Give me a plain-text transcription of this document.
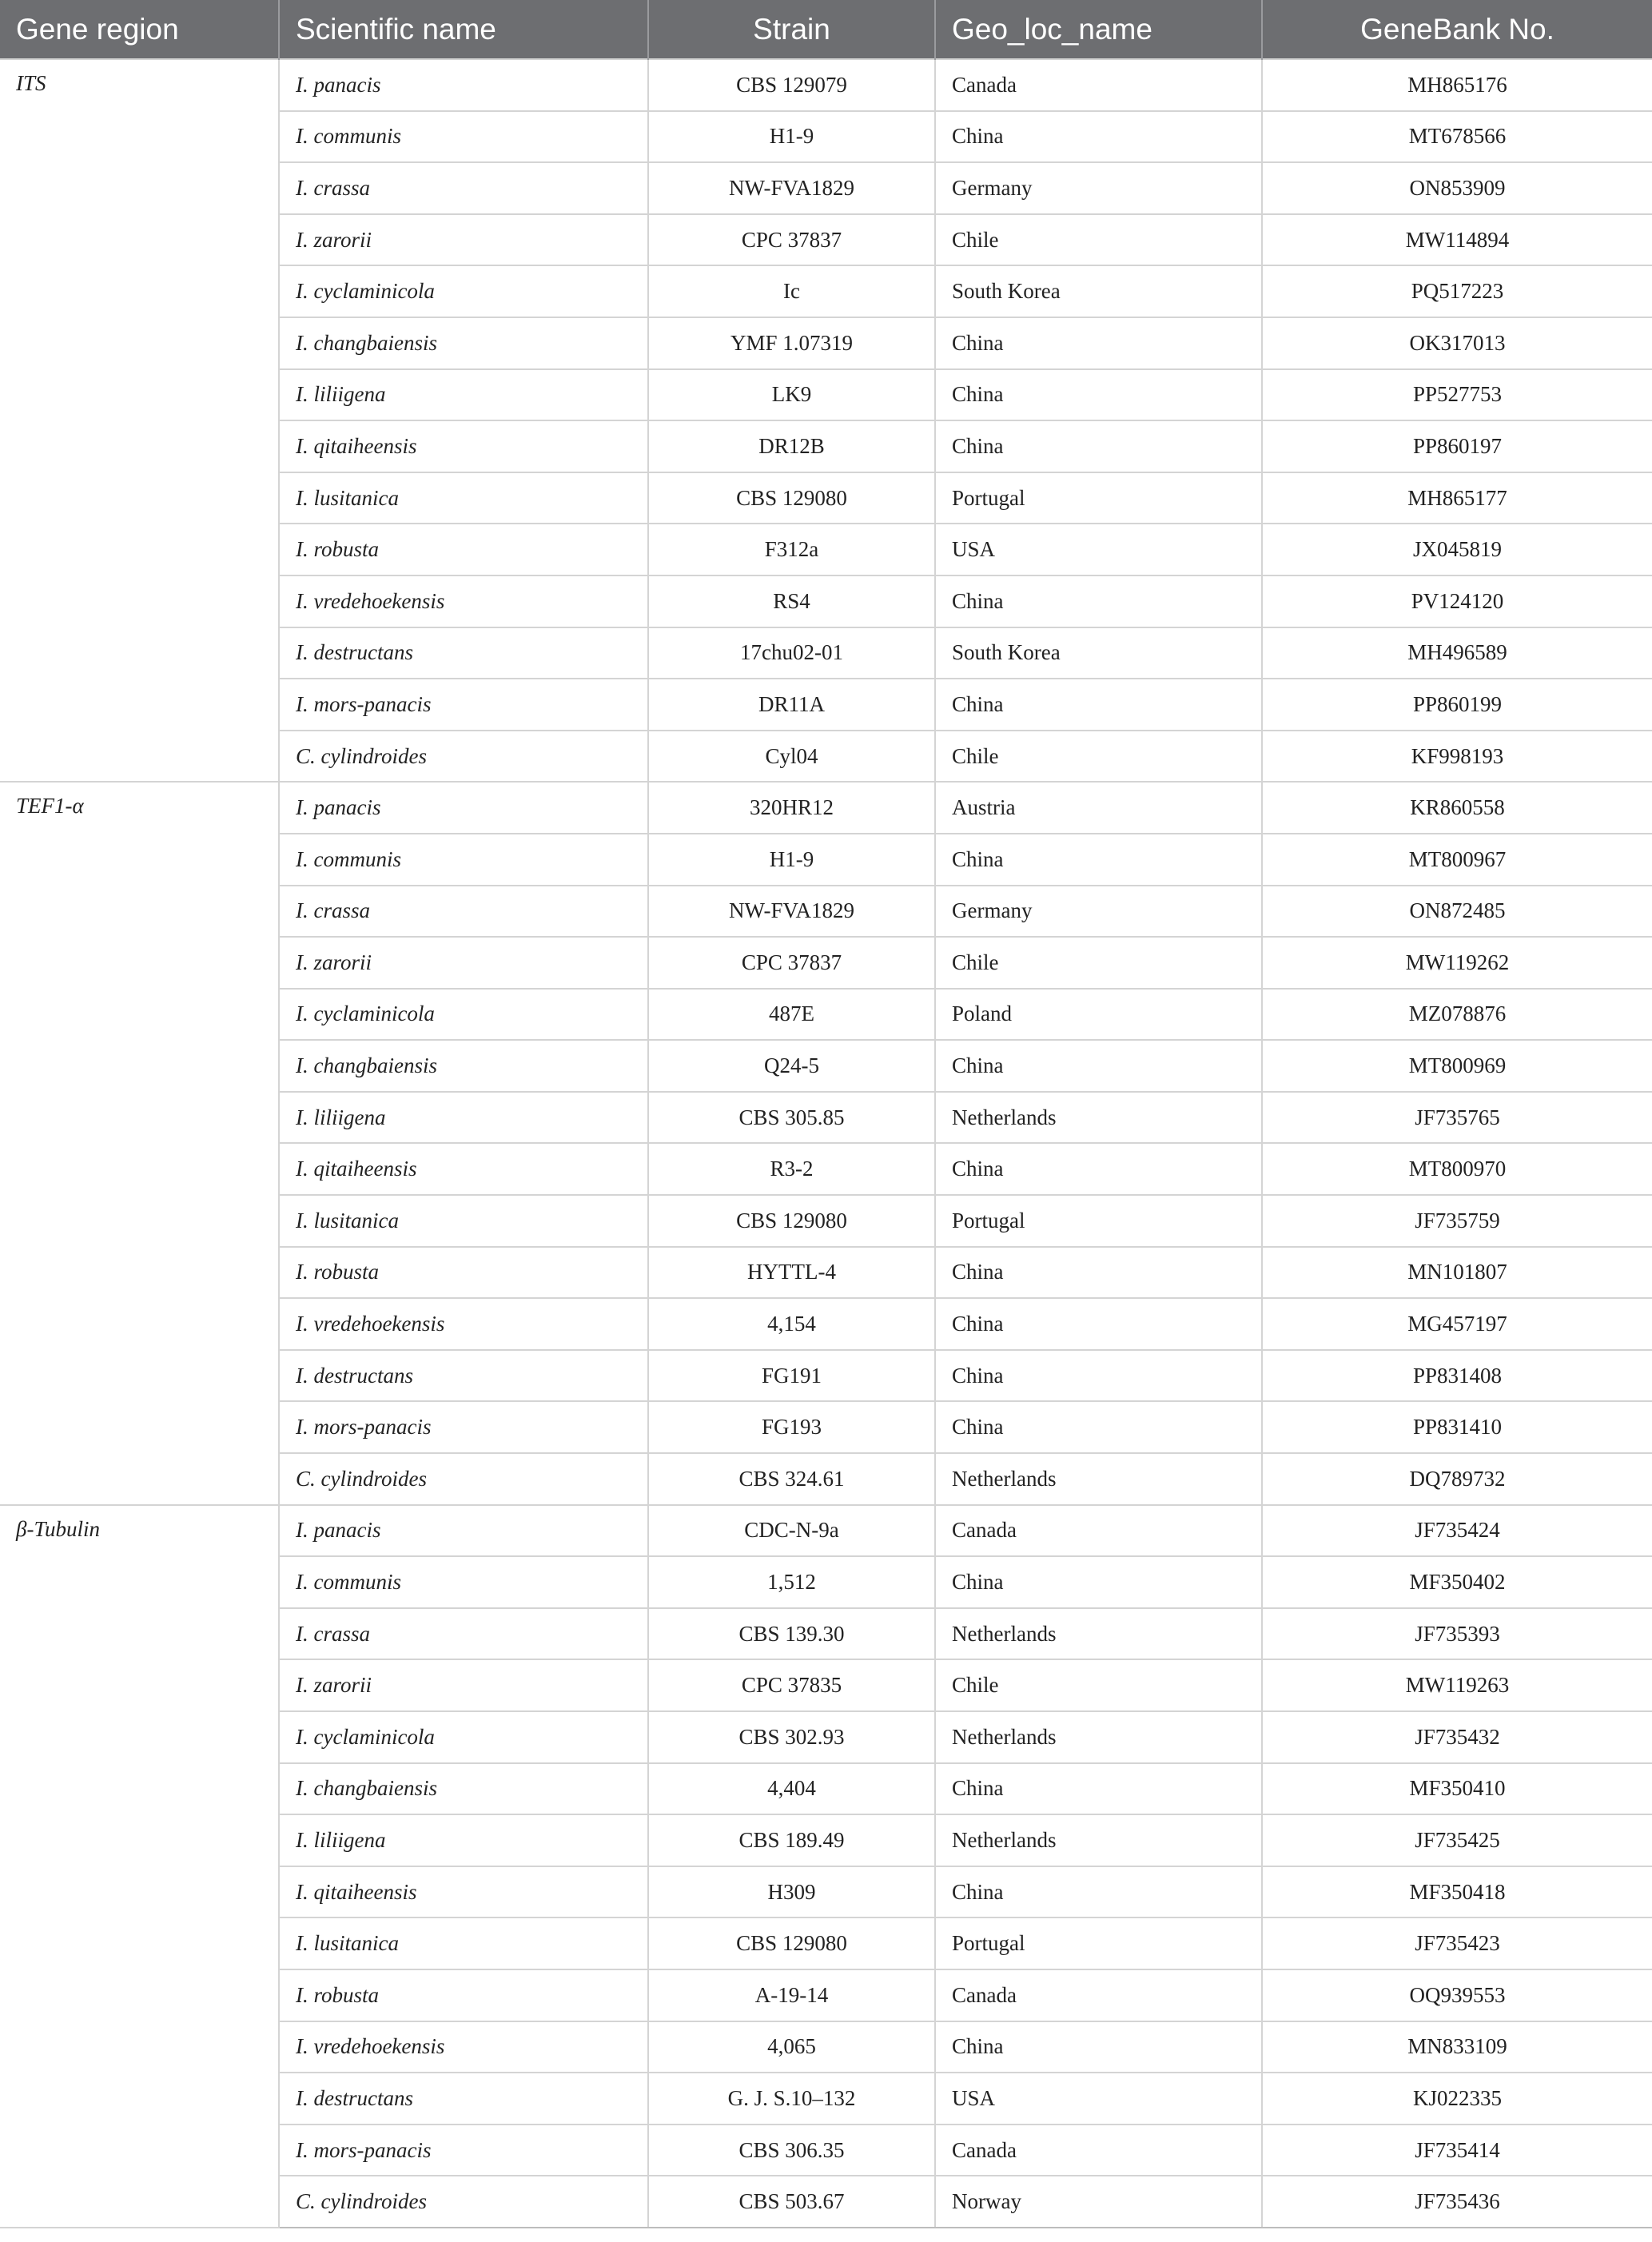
Gene region	Scientific name	Strain	Geo_loc_name	GeneBank No.
ITS	I. panacis	CBS 129079	Canada	MH865176
	I. communis	H1-9	China	MT678566
	I. crassa	NW-FVA1829	Germany	ON853909
	I. zarorii	CPC 37837	Chile	MW114894
	I. cyclaminicola	Ic	South Korea	PQ517223
	I. changbaiensis	YMF 1.07319	China	OK317013
	I. liliigena	LK9	China	PP527753
	I. qitaiheensis	DR12B	China	PP860197
	I. lusitanica	CBS 129080	Portugal	MH865177
	I. robusta	F312a	USA	JX045819
	I. vredehoekensis	RS4	China	PV124120
	I. destructans	17chu02-01	South Korea	MH496589
	I. mors-panacis	DR11A	China	PP860199
	C. cylindroides	Cyl04	Chile	KF998193
TEF1-α	I. panacis	320HR12	Austria	KR860558
	I. communis	H1-9	China	MT800967
	I. crassa	NW-FVA1829	Germany	ON872485
	I. zarorii	CPC 37837	Chile	MW119262
	I. cyclaminicola	487E	Poland	MZ078876
	I. changbaiensis	Q24-5	China	MT800969
	I. liliigena	CBS 305.85	Netherlands	JF735765
	I. qitaiheensis	R3-2	China	MT800970
	I. lusitanica	CBS 129080	Portugal	JF735759
	I. robusta	HYTTL-4	China	MN101807
	I. vredehoekensis	4,154	China	MG457197
	I. destructans	FG191	China	PP831408
	I. mors-panacis	FG193	China	PP831410
	C. cylindroides	CBS 324.61	Netherlands	DQ789732
β-Tubulin	I. panacis	CDC-N-9a	Canada	JF735424
	I. communis	1,512	China	MF350402
	I. crassa	CBS 139.30	Netherlands	JF735393
	I. zarorii	CPC 37835	Chile	MW119263
	I. cyclaminicola	CBS 302.93	Netherlands	JF735432
	I. changbaiensis	4,404	China	MF350410
	I. liliigena	CBS 189.49	Netherlands	JF735425
	I. qitaiheensis	H309	China	MF350418
	I. lusitanica	CBS 129080	Portugal	JF735423
	I. robusta	A-19-14	Canada	OQ939553
	I. vredehoekensis	4,065	China	MN833109
	I. destructans	G. J. S.10–132	USA	KJ022335
	I. mors-panacis	CBS 306.35	Canada	JF735414
	C. cylindroides	CBS 503.67	Norway	JF735436
